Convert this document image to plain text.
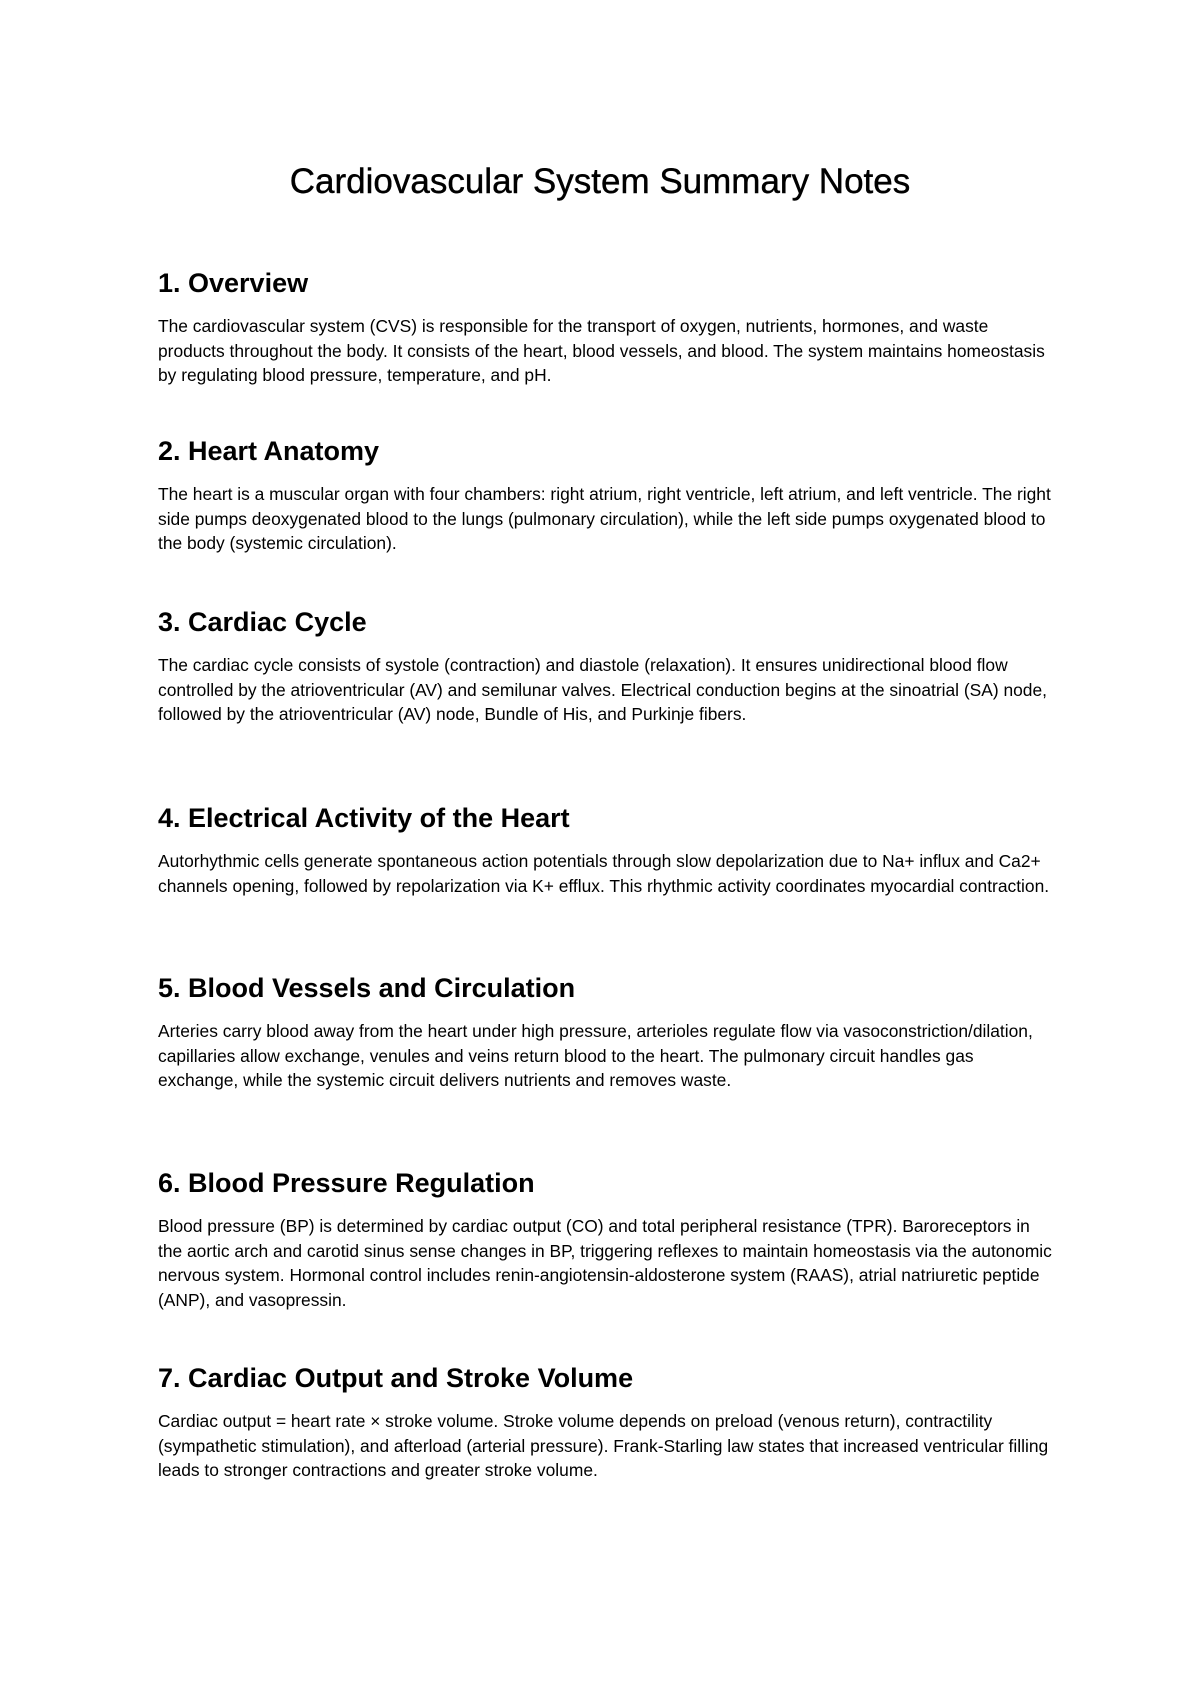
Cardiovascular System Summary Notes
1. Overview

The cardiovascular system (CVS) is responsible for the transport of oxygen, nutrients, hormones, and waste products throughout the body. It consists of the heart, blood vessels, and blood. The system maintains homeostasis by regulating blood pressure, temperature, and pH.

2. Heart Anatomy

The heart is a muscular organ with four chambers: right atrium, right ventricle, left atrium, and left ventricle. The right side pumps deoxygenated blood to the lungs (pulmonary circulation), while the left side pumps oxygenated blood to the body (systemic circulation).

3. Cardiac Cycle

The cardiac cycle consists of systole (contraction) and diastole (relaxation). It ensures unidirectional blood flow controlled by the atrioventricular (AV) and semilunar valves. Electrical conduction begins at the sinoatrial (SA) node, followed by the atrioventricular (AV) node, Bundle of His, and Purkinje fibers.

4. Electrical Activity of the Heart

Autorhythmic cells generate spontaneous action potentials through slow depolarization due to Na+ influx and Ca2+ channels opening, followed by repolarization via K+ efflux. This rhythmic activity coordinates myocardial contraction.

5. Blood Vessels and Circulation

Arteries carry blood away from the heart under high pressure, arterioles regulate flow via vasoconstriction/dilation, capillaries allow exchange, venules and veins return blood to the heart. The pulmonary circuit handles gas exchange, while the systemic circuit delivers nutrients and removes waste.

6. Blood Pressure Regulation

Blood pressure (BP) is determined by cardiac output (CO) and total peripheral resistance (TPR). Baroreceptors in the aortic arch and carotid sinus sense changes in BP, triggering reflexes to maintain homeostasis via the autonomic nervous system. Hormonal control includes renin-angiotensin-aldosterone system (RAAS), atrial natriuretic peptide (ANP), and vasopressin.

7. Cardiac Output and Stroke Volume

Cardiac output = heart rate × stroke volume. Stroke volume depends on preload (venous return), contractility (sympathetic stimulation), and afterload (arterial pressure). Frank-Starling law states that increased ventricular filling leads to stronger contractions and greater stroke volume.
